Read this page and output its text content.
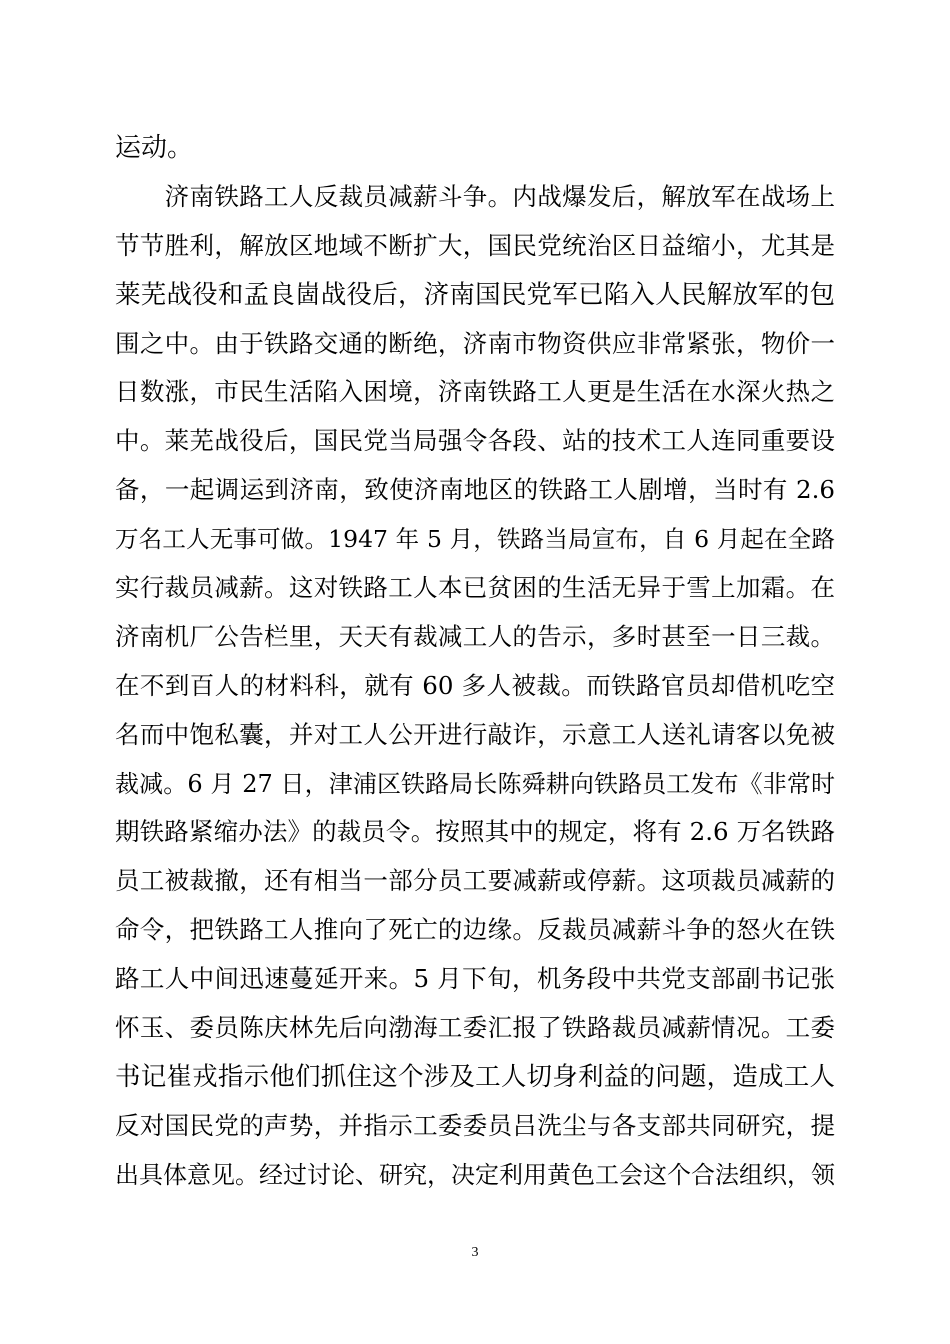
运动。
　　济南铁路工人反裁员减薪斗争。内战爆发后，解放军在战场上
节节胜利，解放区地域不断扩大，国民党统治区日益缩小，尤其是
莱芜战役和孟良崮战役后，济南国民党军已陷入人民解放军的包
围之中。由于铁路交通的断绝，济南市物资供应非常紧张，物价一
日数涨，市民生活陷入困境，济南铁路工人更是生活在水深火热之
中。莱芜战役后，国民党当局强令各段、站的技术工人连同重要设
备，一起调运到济南，致使济南地区的铁路工人剧增，当时有 2.6
万名工人无事可做。1947 年 5 月，铁路当局宣布，自 6 月起在全路
实行裁员减薪。这对铁路工人本已贫困的生活无异于雪上加霜。在
济南机厂公告栏里，天天有裁减工人的告示，多时甚至一日三裁。
在不到百人的材料科，就有 60 多人被裁。而铁路官员却借机吃空
名而中饱私囊，并对工人公开进行敲诈，示意工人送礼请客以免被
裁减。6 月 27 日，津浦区铁路局长陈舜耕向铁路员工发布《非常时
期铁路紧缩办法》的裁员令。按照其中的规定，将有 2.6 万名铁路
员工被裁撤，还有相当一部分员工要减薪或停薪。这项裁员减薪的
命令，把铁路工人推向了死亡的边缘。反裁员减薪斗争的怒火在铁
路工人中间迅速蔓延开来。5 月下旬，机务段中共党支部副书记张
怀玉、委员陈庆林先后向渤海工委汇报了铁路裁员减薪情况。工委
书记崔戎指示他们抓住这个涉及工人切身利益的问题，造成工人
反对国民党的声势，并指示工委委员吕洗尘与各支部共同研究，提
出具体意见。经过讨论、研究，决定利用黄色工会这个合法组织，领
3
